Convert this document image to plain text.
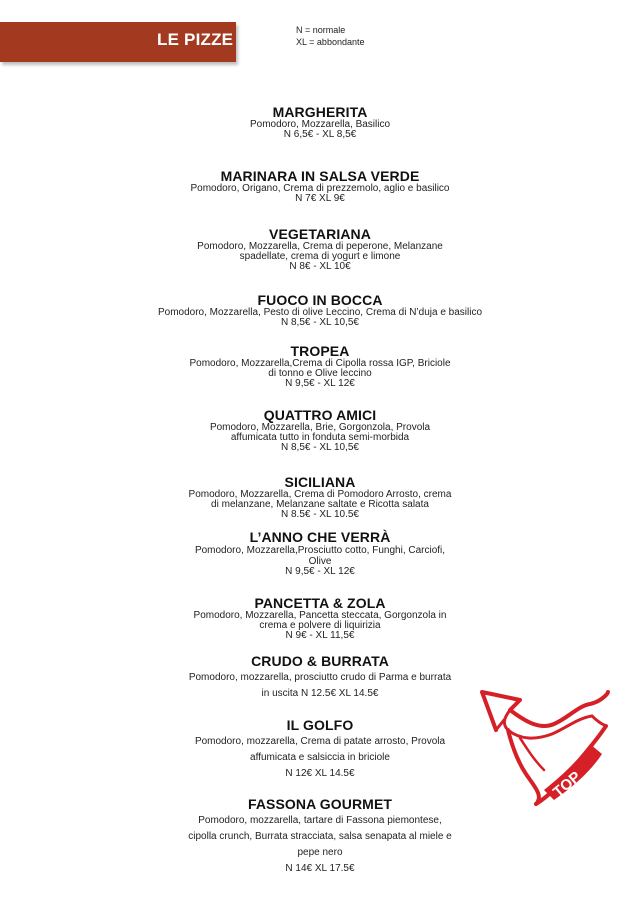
LE PIZZE	N = normale
XL = abbondante
MARGHERITA
Pomodoro, Mozzarella, Basilico
N 6,5€ - XL 8,5€
MARINARA IN SALSA VERDE
Pomodoro, Origano, Crema di prezzemolo, aglio e basilico
N 7€ XL 9€
VEGETARIANA
Pomodoro, Mozzarella, Crema di peperone, Melanzane
spadellate, crema di yogurt e limone
N 8€ - XL 10€
FUOCO IN BOCCA
Pomodoro, Mozzarella, Pesto di olive Leccino, Crema di N’duja e basilico
N 8,5€ - XL 10,5€
TROPEA
Pomodoro, Mozzarella,Crema di Cipolla rossa IGP, Briciole
di tonno e Olive leccino
N 9,5€ - XL 12€
QUATTRO AMICI
Pomodoro, Mozzarella, Brie, Gorgonzola, Provola
affumicata tutto in fonduta semi-morbida
N 8,5€ - XL 10,5€
SICILIANA
Pomodoro, Mozzarella, Crema di Pomodoro Arrosto, crema
di melanzane, Melanzane saltate e Ricotta salata
N 8.5€ - XL 10.5€
L’ANNO CHE VERRÀ
Pomodoro, Mozzarella,Prosciutto cotto, Funghi, Carciofi,
Olive
N 9,5€ - XL 12€
PANCETTA & ZOLA
Pomodoro, Mozzarella, Pancetta steccata, Gorgonzola in
crema e polvere di liquirizia
N 9€ - XL 11,5€
CRUDO & BURRATA
Pomodoro, mozzarella, prosciutto crudo di Parma e burrata
in uscita N 12.5€ XL 14.5€
IL GOLFO
Pomodoro, mozzarella, Crema di patate arrosto, Provola
affumicata e salsiccia in briciole
N 12€ XL 14.5€
FASSONA GOURMET
Pomodoro, mozzarella, tartare di Fassona piemontese,
cipolla crunch, Burrata stracciata, salsa senapata al miele e
pepe nero
N 14€ XL 17.5€
TOP
